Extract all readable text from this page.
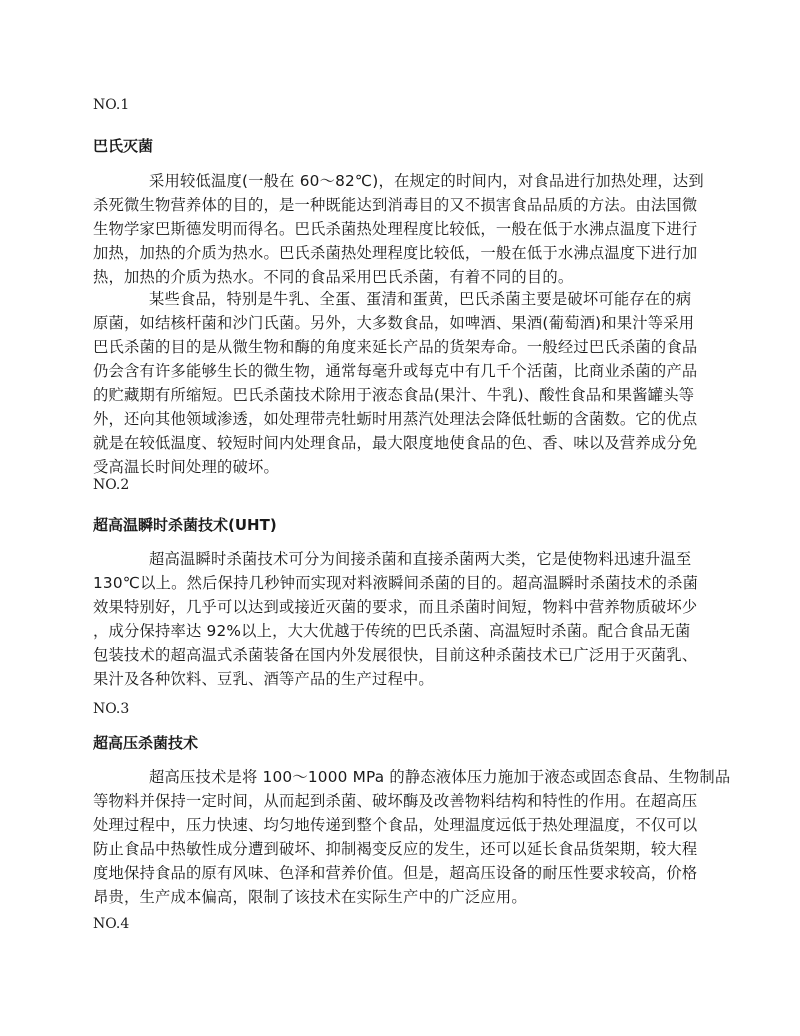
NO.1
巴氏灭菌
采用较低温度(一般在 60～82℃)，在规定的时间内，对食品进行加热处理，达到
杀死微生物营养体的目的，是一种既能达到消毒目的又不损害食品品质的方法。由法国微
生物学家巴斯德发明而得名。巴氏杀菌热处理程度比较低，一般在低于水沸点温度下进行
加热，加热的介质为热水。巴氏杀菌热处理程度比较低，一般在低于水沸点温度下进行加
热，加热的介质为热水。不同的食品采用巴氏杀菌，有着不同的目的。
某些食品，特别是牛乳、全蛋、蛋清和蛋黄，巴氏杀菌主要是破坏可能存在的病
原菌，如结核杆菌和沙门氏菌。另外，大多数食品，如啤酒、果酒(葡萄酒)和果汁等采用
巴氏杀菌的目的是从微生物和酶的角度来延长产品的货架寿命。一般经过巴氏杀菌的食品
仍会含有许多能够生长的微生物，通常每毫升或每克中有几千个活菌，比商业杀菌的产品
的贮藏期有所缩短。巴氏杀菌技术除用于液态食品(果汁、牛乳)、酸性食品和果酱罐头等
外，还向其他领域渗透，如处理带壳牡蛎时用蒸汽处理法会降低牡蛎的含菌数。它的优点
就是在较低温度、较短时间内处理食品，最大限度地使食品的色、香、味以及营养成分免
受高温长时间处理的破坏。
NO.2
超高温瞬时杀菌技术(UHT)
超高温瞬时杀菌技术可分为间接杀菌和直接杀菌两大类，它是使物料迅速升温至
130℃以上。然后保持几秒钟而实现对料液瞬间杀菌的目的。超高温瞬时杀菌技术的杀菌
效果特别好，几乎可以达到或接近灭菌的要求，而且杀菌时间短，物料中营养物质破坏少
，成分保持率达 92%以上，大大优越于传统的巴氏杀菌、高温短时杀菌。配合食品无菌
包装技术的超高温式杀菌装备在国内外发展很快，目前这种杀菌技术已广泛用于灭菌乳、
果汁及各种饮料、豆乳、酒等产品的生产过程中。
NO.3
超高压杀菌技术
超高压技术是将 100～1000 MPa 的静态液体压力施加于液态或固态食品、生物制品
等物料并保持一定时间，从而起到杀菌、破坏酶及改善物料结构和特性的作用。在超高压
处理过程中，压力快速、均匀地传递到整个食品，处理温度远低于热处理温度，不仅可以
防止食品中热敏性成分遭到破坏、抑制褐变反应的发生，还可以延长食品货架期，较大程
度地保持食品的原有风味、色泽和营养价值。但是，超高压设备的耐压性要求较高，价格
昂贵，生产成本偏高，限制了该技术在实际生产中的广泛应用。
NO.4
